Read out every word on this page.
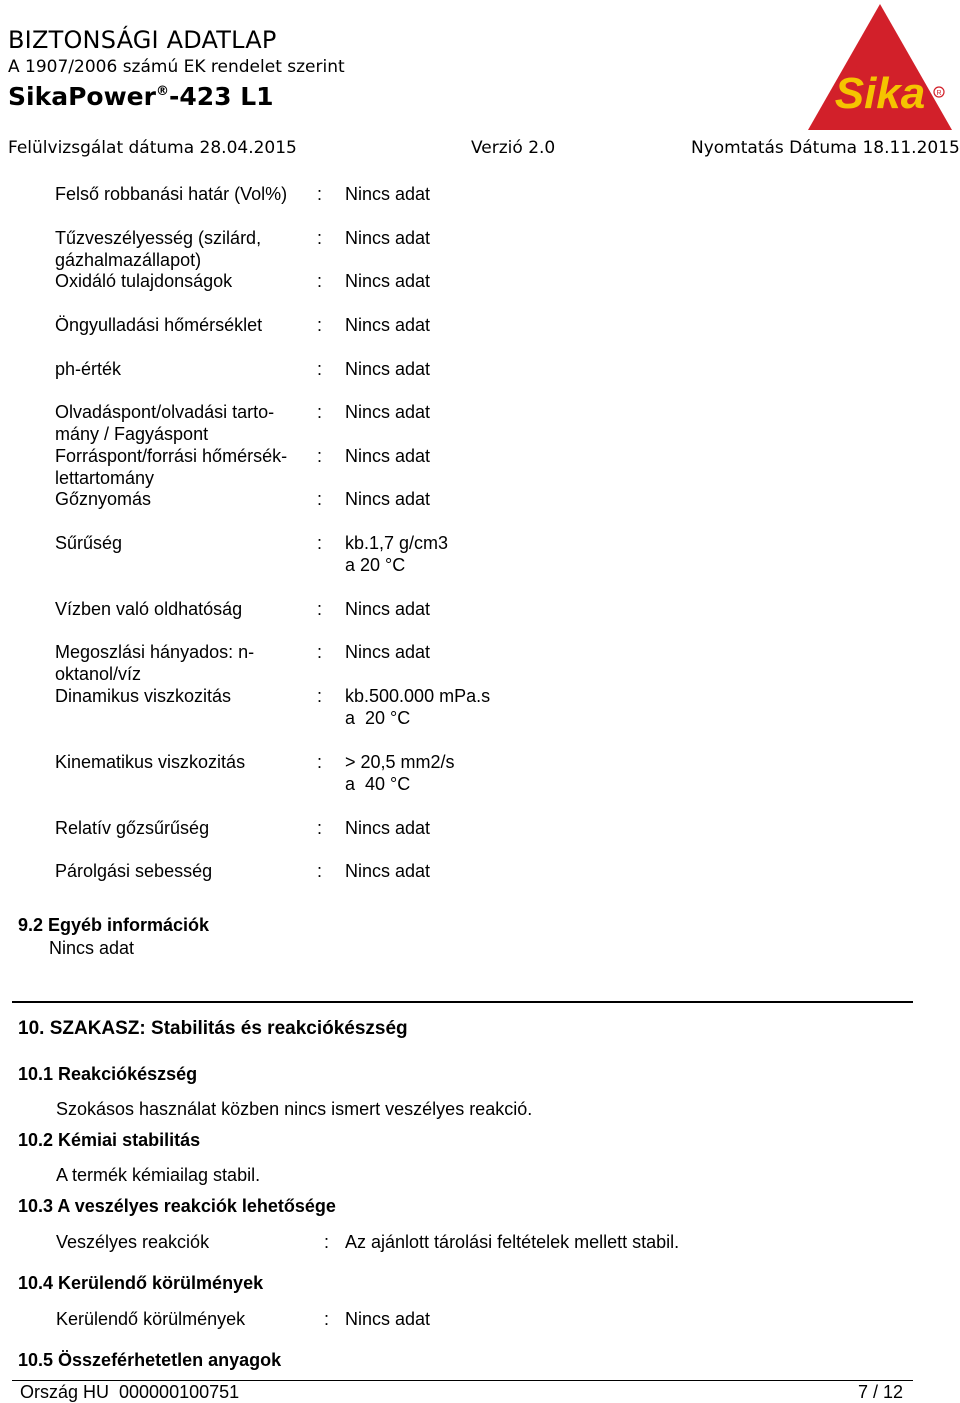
BIZTONSÁGI ADATLAP
A 1907/2006 számú EK rendelet szerint
SikaPower®-423 L1
Felülvizsgálat dátuma 28.04.2015	Verzió 2.0	Nyomtatás Dátuma 18.11.2015
Sika R
Felső robbanási határ (Vol%)	: Nincs adat
Tűzveszélyesség (szilárd,
gázhalmazállapot)
: Nincs adat
Oxidáló tulajdonságok	: Nincs adat
Öngyulladási hőmérséklet	: Nincs adat
ph-érték	: Nincs adat
Olvadáspont/olvadási tarto-
mány / Fagyáspont
: Nincs adat
Forráspont/forrási hőmérsék-
lettartomány
: Nincs adat
Gőznyomás	: Nincs adat
Sűrűség	: kb.1,7 g/cm3
a 20 °C
Vízben való oldhatóság	: Nincs adat
Megoszlási hányados: n-
oktanol/víz
: Nincs adat
Dinamikus viszkozitás	: kb.500.000 mPa.s
a  20 °C
Kinematikus viszkozitás	: > 20,5 mm2/s
a  40 °C
Relatív gőzsűrűség	: Nincs adat
Párolgási sebesség	: Nincs adat
9.2 Egyéb információk
Nincs adat
10. SZAKASZ: Stabilitás és reakciókészség
10.1 Reakciókészség
Szokásos használat közben nincs ismert veszélyes reakció.
10.2 Kémiai stabilitás
A termék kémiailag stabil.
10.3 A veszélyes reakciók lehetősége
Veszélyes reakciók	: Az ajánlott tárolási feltételek mellett stabil.
10.4 Kerülendő körülmények
Kerülendő körülmények	: Nincs adat
10.5 Összeférhetetlen anyagok
Ország HU  000000100751	7 / 12
